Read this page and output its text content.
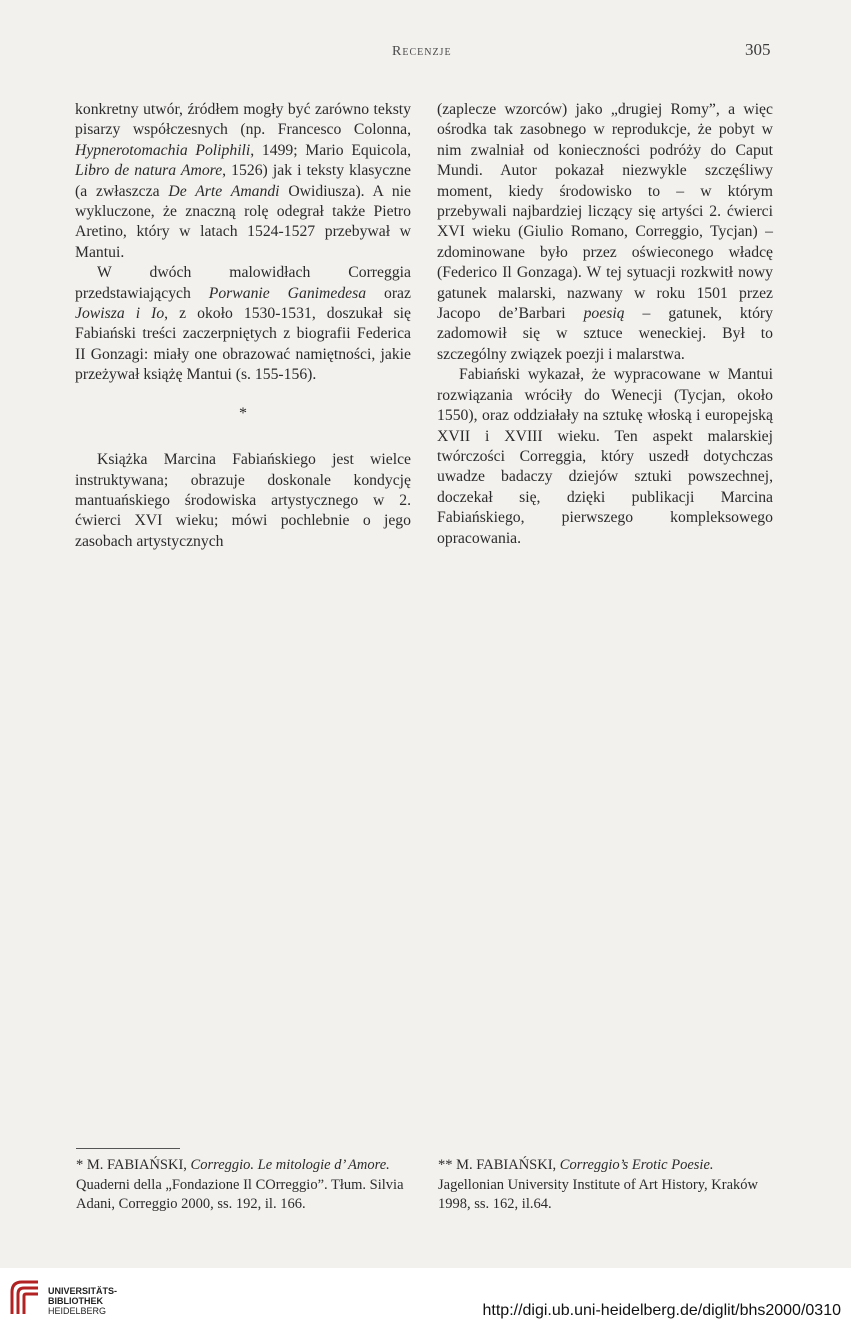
Recenzje	305

konkretny utwór, źródłem mogły być zarówno teksty pisarzy współczesnych (np. Francesco Colonna, Hypnerotomachia Poliphili, 1499; Mario Equicola, Libro de natura Amore, 1526) jak i teksty klasyczne (a zwłaszcza De Arte Amandi Owidiusza). A nie wykluczone, że znaczną rolę odegrał także Pietro Aretino, który w latach 1524-1527 przebywał w Mantui.

W dwóch malowidłach Correggia przedstawiających Porwanie Ganimedesa oraz Jowisza i Io, z około 1530-1531, doszukał się Fabiański treści zaczerpniętych z biografii Federica II Gonzagi: miały one obrazować namiętności, jakie przeżywał książę Mantui (s. 155-156).

*

Książka Marcina Fabiańskiego jest wielce instruktywana; obrazuje doskonale kondycję mantuańskiego środowiska artystycznego w 2. ćwierci XVI wieku; mówi pochlebnie o jego zasobach artystycznych

(zaplecze wzorców) jako „drugiej Romy”, a więc ośrodka tak zasobnego w reprodukcje, że pobyt w nim zwalniał od konieczności podróży do Caput Mundi. Autor pokazał niezwykle szczęśliwy moment, kiedy środowisko to – w którym przebywali najbardziej liczący się artyści 2. ćwierci XVI wieku (Giulio Romano, Correggio, Tycjan) – zdominowane było przez oświeconego władcę (Federico Il Gonzaga). W tej sytuacji rozkwitł nowy gatunek malarski, nazwany w roku 1501 przez Jacopo de’Barbari poesią – gatunek, który zadomowił się w sztuce weneckiej. Był to szczególny związek poezji i malarstwa.

Fabiański wykazał, że wypracowane w Mantui rozwiązania wróciły do Wenecji (Tycjan, około 1550), oraz oddziałały na sztukę włoską i europejską XVII i XVIII wieku. Ten aspekt malarskiej twórczości Correggia, który uszedł dotychczas uwadze badaczy dziejów sztuki powszechnej, doczekał się, dzięki publikacji Marcina Fabiańskiego, pierwszego kompleksowego opracowania.

* M. FABIAŃSKI, Correggio. Le mitologie d’ Amore. Quaderni della „Fondazione Il COrreggio”. Tłum. Silvia Adani, Correggio 2000, ss. 192, il. 166.
** M. FABIAŃSKI, Correggio’s Erotic Poesie. Jagellonian University Institute of Art History, Kraków 1998, ss. 162, il.64.
UNIVERSITÄTS-
BIBLIOTHEK
HEIDELBERG	http://digi.ub.uni-heidelberg.de/diglit/bhs2000/0310
